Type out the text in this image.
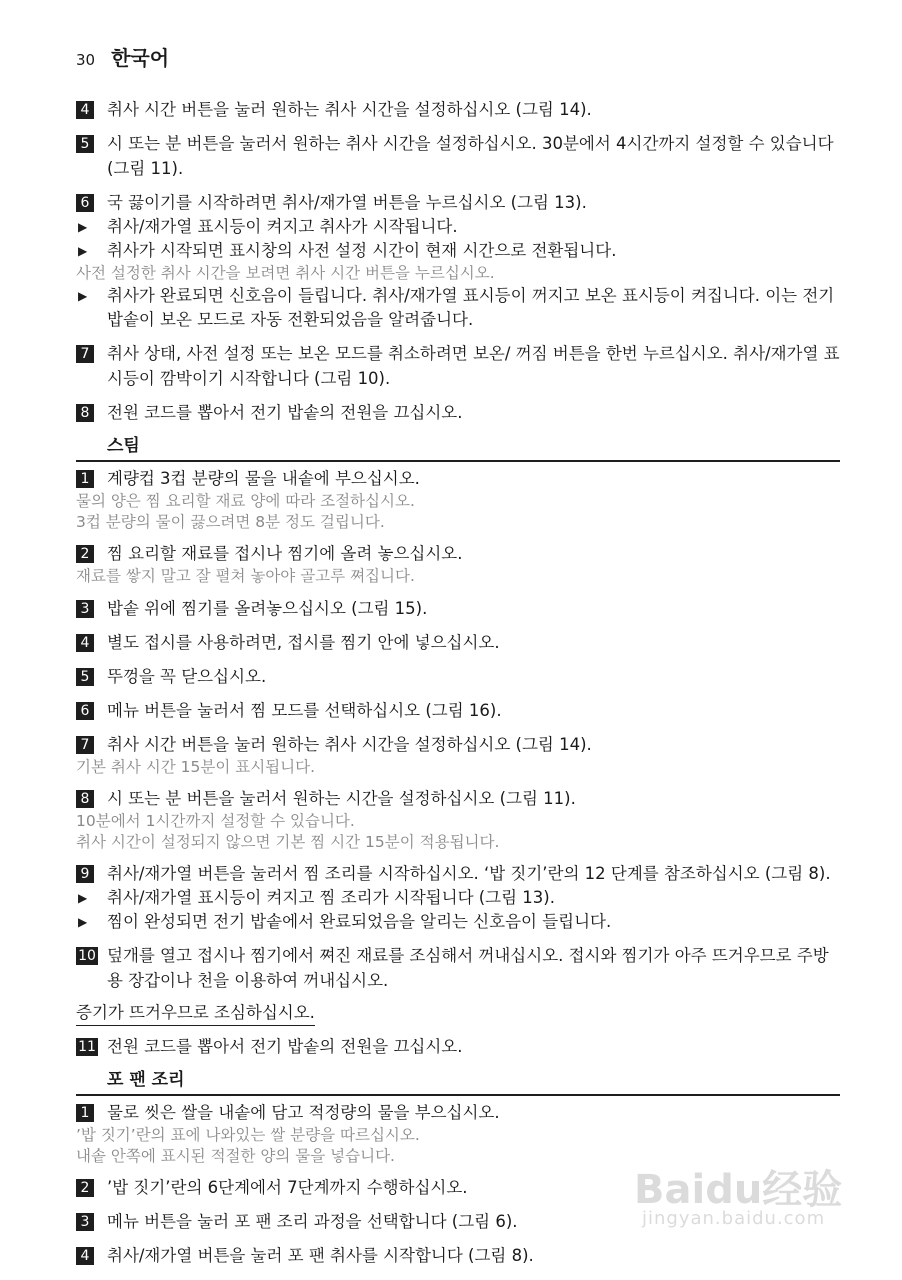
30 한국어
4 취사 시간 버튼을 눌러 원하는 취사 시간을 설정하십시오 (그림 14).
5 시 또는 분 버튼을 눌러서 원하는 취사 시간을 설정하십시오. 30분에서 4시간까지 설정할 수 있습니다 (그림 11).
6 국 끓이기를 시작하려면 취사/재가열 버튼을 누르십시오 (그림 13).
▶ 취사/재가열 표시등이 켜지고 취사가 시작됩니다.
▶ 취사가 시작되면 표시창의 사전 설정 시간이 현재 시간으로 전환됩니다.
사전 설정한 취사 시간을 보려면 취사 시간 버튼을 누르십시오.
▶ 취사가 완료되면 신호음이 들립니다. 취사/재가열 표시등이 꺼지고 보온 표시등이 켜집니다. 이는 전기 밥솥이 보온 모드로 자동 전환되었음을 알려줍니다.
7 취사 상태, 사전 설정 또는 보온 모드를 취소하려면 보온/ 꺼짐 버튼을 한번 누르십시오. 취사/재가열 표시등이 깜박이기 시작합니다 (그림 10).
8 전원 코드를 뽑아서 전기 밥솥의 전원을 끄십시오.
스팀
1 계량컵 3컵 분량의 물을 내솥에 부으십시오.
물의 양은 찜 요리할 재료 양에 따라 조절하십시오.
3컵 분량의 물이 끓으려면 8분 정도 걸립니다.
2 찜 요리할 재료를 접시나 찜기에 올려 놓으십시오.
재료를 쌓지 말고 잘 펼쳐 놓아야 골고루 쪄집니다.
3 밥솥 위에 찜기를 올려놓으십시오 (그림 15).
4 별도 접시를 사용하려면, 접시를 찜기 안에 넣으십시오.
5 뚜껑을 꼭 닫으십시오.
6 메뉴 버튼을 눌러서 찜 모드를 선택하십시오 (그림 16).
7 취사 시간 버튼을 눌러 원하는 취사 시간을 설정하십시오 (그림 14).
기본 취사 시간 15분이 표시됩니다.
8 시 또는 분 버튼을 눌러서 원하는 시간을 설정하십시오 (그림 11).
10분에서 1시간까지 설정할 수 있습니다.
취사 시간이 설정되지 않으면 기본 찜 시간 15분이 적용됩니다.
9 취사/재가열 버튼을 눌러서 찜 조리를 시작하십시오. ‘밥 짓기’란의 12 단계를 참조하십시오 (그림 8).
▶ 취사/재가열 표시등이 켜지고 찜 조리가 시작됩니다 (그림 13).
▶ 찜이 완성되면 전기 밥솥에서 완료되었음을 알리는 신호음이 들립니다.
10 덮개를 열고 접시나 찜기에서 쪄진 재료를 조심해서 꺼내십시오. 접시와 찜기가 아주 뜨거우므로 주방용 장갑이나 천을 이용하여 꺼내십시오.
증기가 뜨거우므로 조심하십시오.
11 전원 코드를 뽑아서 전기 밥솥의 전원을 끄십시오.
포 팬 조리
1 물로 씻은 쌀을 내솥에 담고 적정량의 물을 부으십시오.
’밥 짓기’란의 표에 나와있는 쌀 분량을 따르십시오.
내솥 안쪽에 표시된 적절한 양의 물을 넣습니다.
2 ’밥 짓기’란의 6단계에서 7단계까지 수행하십시오.
3 메뉴 버튼을 눌러 포 팬 조리 과정을 선택합니다 (그림 6).
4 취사/재가열 버튼을 눌러 포 팬 취사를 시작합니다 (그림 8).
Baidu经验
jingyan.baidu.com
